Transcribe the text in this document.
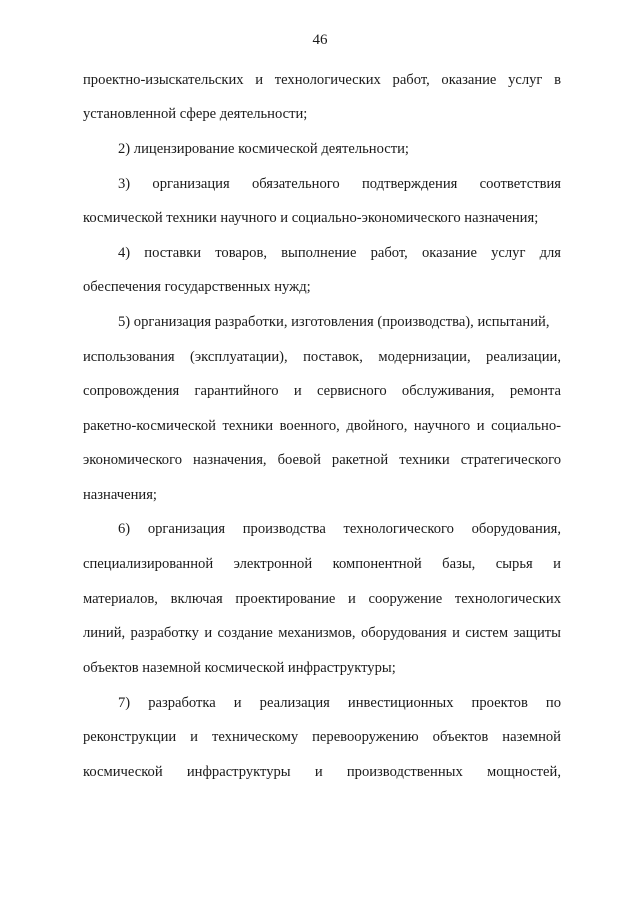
46
проектно-изыскательских и технологических работ, оказание услуг в
установленной сфере деятельности;
2) лицензирование космической деятельности;
3) организация обязательного подтверждения соответствия
космической техники научного и социально-экономического назначения;
4) поставки товаров, выполнение работ, оказание услуг для
обеспечения государственных нужд;
5) организация разработки, изготовления (производства), испытаний,
использования (эксплуатации), поставок, модернизации, реализации,
сопровождения гарантийного и сервисного обслуживания, ремонта
ракетно-космической техники военного, двойного, научного и социально-
экономического назначения, боевой ракетной техники стратегического
назначения;
6) организация производства технологического оборудования,
специализированной электронной компонентной базы, сырья и
материалов, включая проектирование и сооружение технологических
линий, разработку и создание механизмов, оборудования и систем защиты
объектов наземной космической инфраструктуры;
7) разработка и реализация инвестиционных проектов по
реконструкции и техническому перевооружению объектов наземной
космической инфраструктуры и производственных мощностей,
